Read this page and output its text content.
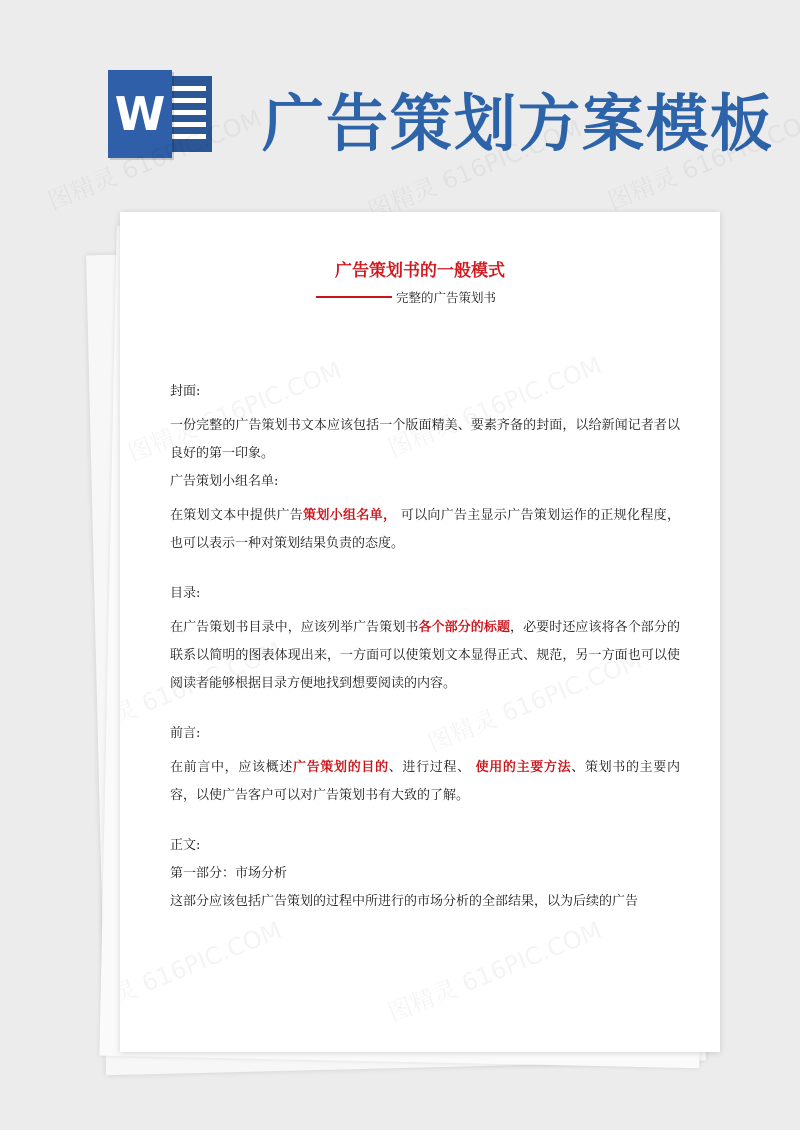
W 广告策划方案模板
广告策划书的一般模式
完整的广告策划书

封面:

一份完整的广告策划书文本应该包括一个版面精美、要素齐备的封面，以给新闻记者者以良好的第一印象。

广告策划小组名单:

在策划文本中提供广告策划小组名单， 可以向广告主显示广告策划运作的正规化程度，也可以表示一种对策划结果负责的态度。

目录:

在广告策划书目录中，应该列举广告策划书各个部分的标题，必要时还应该将各个部分的联系以简明的图表体现出来，一方面可以使策划文本显得正式、规范，另一方面也可以使阅读者能够根据目录方便地找到想要阅读的内容。

前言:

在前言中，应该概述广告策划的目的、进行过程、 使用的主要方法、策划书的主要内容，以使广告客户可以对广告策划书有大致的了解。

正文:

第一部分：市场分析

这部分应该包括广告策划的过程中所进行的市场分析的全部结果，以为后续的广告
